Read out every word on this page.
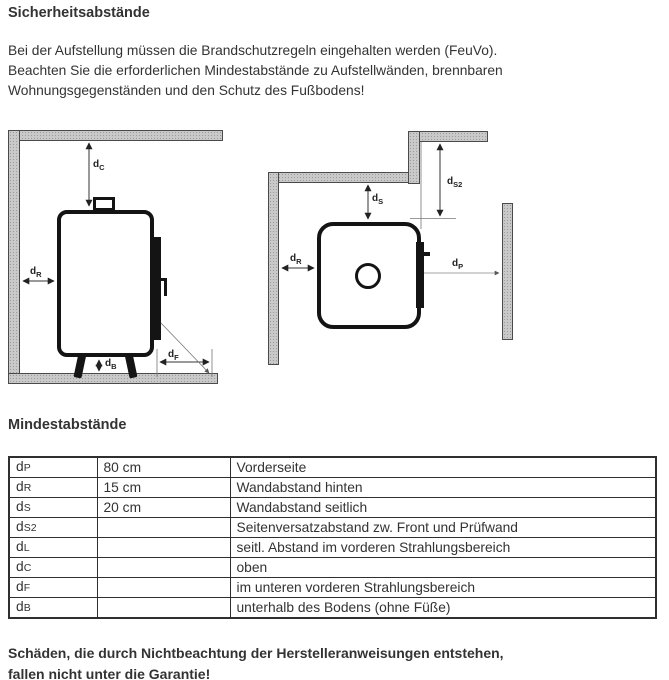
Sicherheitsabstände
Bei der Aufstellung müssen die Brandschutzregeln eingehalten werden (FeuVo).
Beachten Sie die erforderlichen Mindestabstände zu Aufstellwänden, brennbaren
Wohnungsgegenständen und den Schutz des Fußbodens!
$d_C$
$d_R$
$d_B$
$d_F$
$d_S$
$d_{S2}$
$d_R$	$d_P$
Mindestabstände
dP	80 cm	Vorderseite
dR	15 cm	Wandabstand hinten
dS	20 cm	Wandabstand seitlich
dS2		Seitenversatzabstand zw. Front und Prüfwand
dL		seitl. Abstand im vorderen Strahlungsbereich
dC		oben
dF		im unteren vorderen Strahlungsbereich
dB		unterhalb des Bodens (ohne Füße)
Schäden, die durch Nichtbeachtung der Herstelleranweisungen entstehen,
fallen nicht unter die Garantie!
